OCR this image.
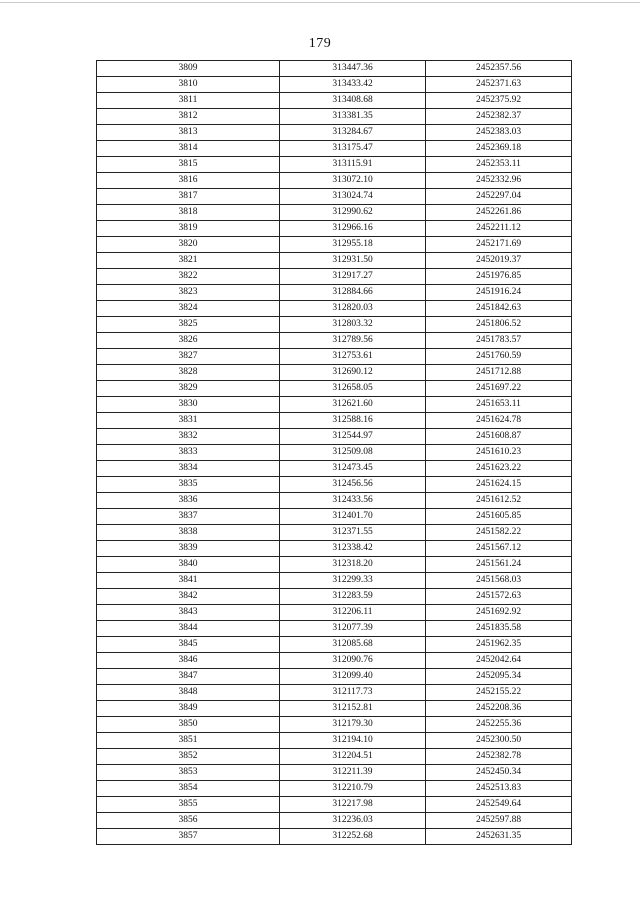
179
3809	313447.36	2452357.56
3810	313433.42	2452371.63
3811	313408.68	2452375.92
3812	313381.35	2452382.37
3813	313284.67	2452383.03
3814	313175.47	2452369.18
3815	313115.91	2452353.11
3816	313072.10	2452332.96
3817	313024.74	2452297.04
3818	312990.62	2452261.86
3819	312966.16	2452211.12
3820	312955.18	2452171.69
3821	312931.50	2452019.37
3822	312917.27	2451976.85
3823	312884.66	2451916.24
3824	312820.03	2451842.63
3825	312803.32	2451806.52
3826	312789.56	2451783.57
3827	312753.61	2451760.59
3828	312690.12	2451712.88
3829	312658.05	2451697.22
3830	312621.60	2451653.11
3831	312588.16	2451624.78
3832	312544.97	2451608.87
3833	312509.08	2451610.23
3834	312473.45	2451623.22
3835	312456.56	2451624.15
3836	312433.56	2451612.52
3837	312401.70	2451605.85
3838	312371.55	2451582.22
3839	312338.42	2451567.12
3840	312318.20	2451561.24
3841	312299.33	2451568.03
3842	312283.59	2451572.63
3843	312206.11	2451692.92
3844	312077.39	2451835.58
3845	312085.68	2451962.35
3846	312090.76	2452042.64
3847	312099.40	2452095.34
3848	312117.73	2452155.22
3849	312152.81	2452208.36
3850	312179.30	2452255.36
3851	312194.10	2452300.50
3852	312204.51	2452382.78
3853	312211.39	2452450.34
3854	312210.79	2452513.83
3855	312217.98	2452549.64
3856	312236.03	2452597.88
3857	312252.68	2452631.35
